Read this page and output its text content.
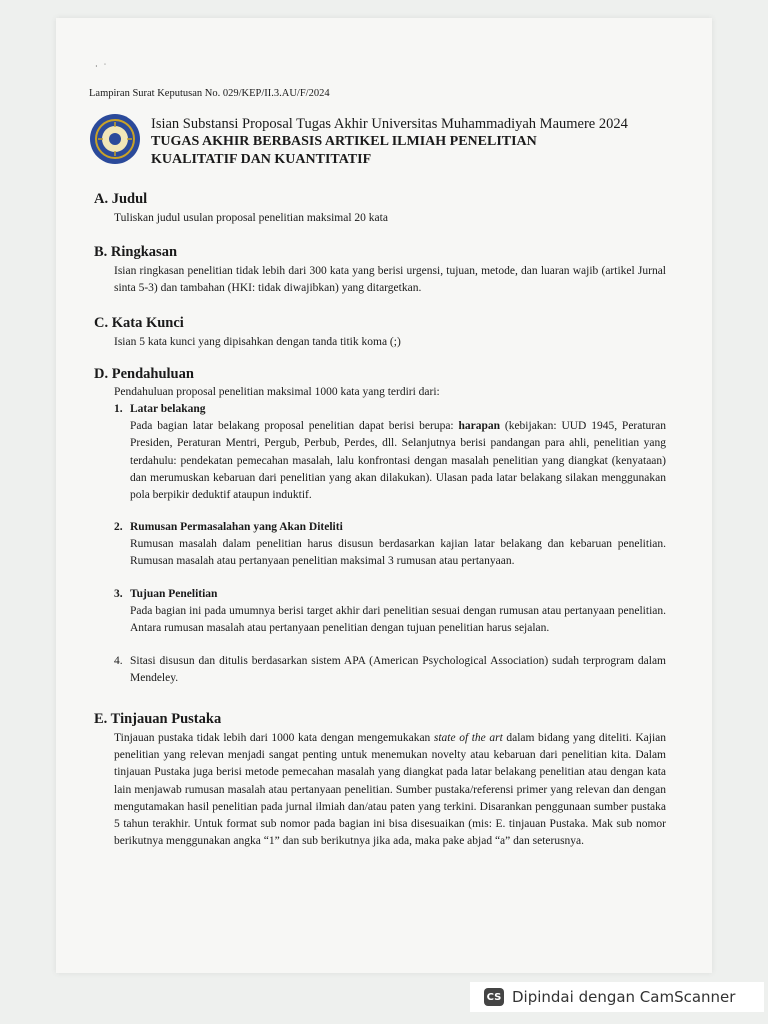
·   ˙
Lampiran Surat Keputusan No. 029/KEP/II.3.AU/F/2024
Isian Substansi Proposal Tugas Akhir Universitas Muhammadiyah Maumere 2024
TUGAS AKHIR BERBASIS ARTIKEL ILMIAH PENELITIAN
KUALITATIF DAN KUANTITATIF
A. Judul

Tuliskan judul usulan proposal penelitian maksimal 20 kata

B. Ringkasan

Isian ringkasan penelitian tidak lebih dari 300 kata yang berisi urgensi, tujuan, metode, dan luaran wajib (artikel Jurnal sinta 5-3) dan tambahan (HKI: tidak diwajibkan) yang ditargetkan.

C. Kata Kunci

Isian 5 kata kunci yang dipisahkan dengan tanda titik koma (;)

D. Pendahuluan

Pendahuluan proposal penelitian maksimal 1000 kata yang terdiri dari:

1. Latar belakang
Pada bagian latar belakang proposal penelitian dapat berisi berupa: harapan (kebijakan: UUD 1945, Peraturan Presiden, Peraturan Mentri, Pergub, Perbub, Perdes, dll. Selanjutnya berisi pandangan para ahli, penelitian yang terdahulu: pendekatan pemecahan masalah, lalu konfrontasi dengan masalah penelitian yang diangkat (kenyataan) dan merumuskan kebaruan dari penelitian yang akan dilakukan). Ulasan pada latar belakang silakan menggunakan pola berpikir deduktif ataupun induktif.
2. Rumusan Permasalahan yang Akan Diteliti
Rumusan masalah dalam penelitian harus disusun berdasarkan kajian latar belakang dan kebaruan penelitian. Rumusan masalah atau pertanyaan penelitian maksimal 3 rumusan atau pertanyaan.
3. Tujuan Penelitian
Pada bagian ini pada umumnya berisi target akhir dari penelitian sesuai dengan rumusan atau pertanyaan penelitian. Antara rumusan masalah atau pertanyaan penelitian dengan tujuan penelitian harus sejalan.
4. Sitasi disusun dan ditulis berdasarkan sistem APA (American Psychological Association) sudah terprogram dalam Mendeley.
E. Tinjauan Pustaka

Tinjauan pustaka tidak lebih dari 1000 kata dengan mengemukakan state of the art dalam bidang yang diteliti. Kajian penelitian yang relevan menjadi sangat penting untuk menemukan novelty atau kebaruan dari penelitian kita. Dalam tinjauan Pustaka juga berisi metode pemecahan masalah yang diangkat pada latar belakang penelitian atau dengan kata lain menjawab rumusan masalah atau pertanyaan penelitian. Sumber pustaka/referensi primer yang relevan dan dengan mengutamakan hasil penelitian pada jurnal ilmiah dan/atau paten yang terkini. Disarankan penggunaan sumber pustaka 5 tahun terakhir. Untuk format sub nomor pada bagian ini bisa disesuaikan (mis: E. tinjauan Pustaka. Mak sub nomor berikutnya menggunakan angka “1” dan sub berikutnya jika ada, maka pake abjad “a” dan seterusnya.

CS Dipindai dengan CamScanner
